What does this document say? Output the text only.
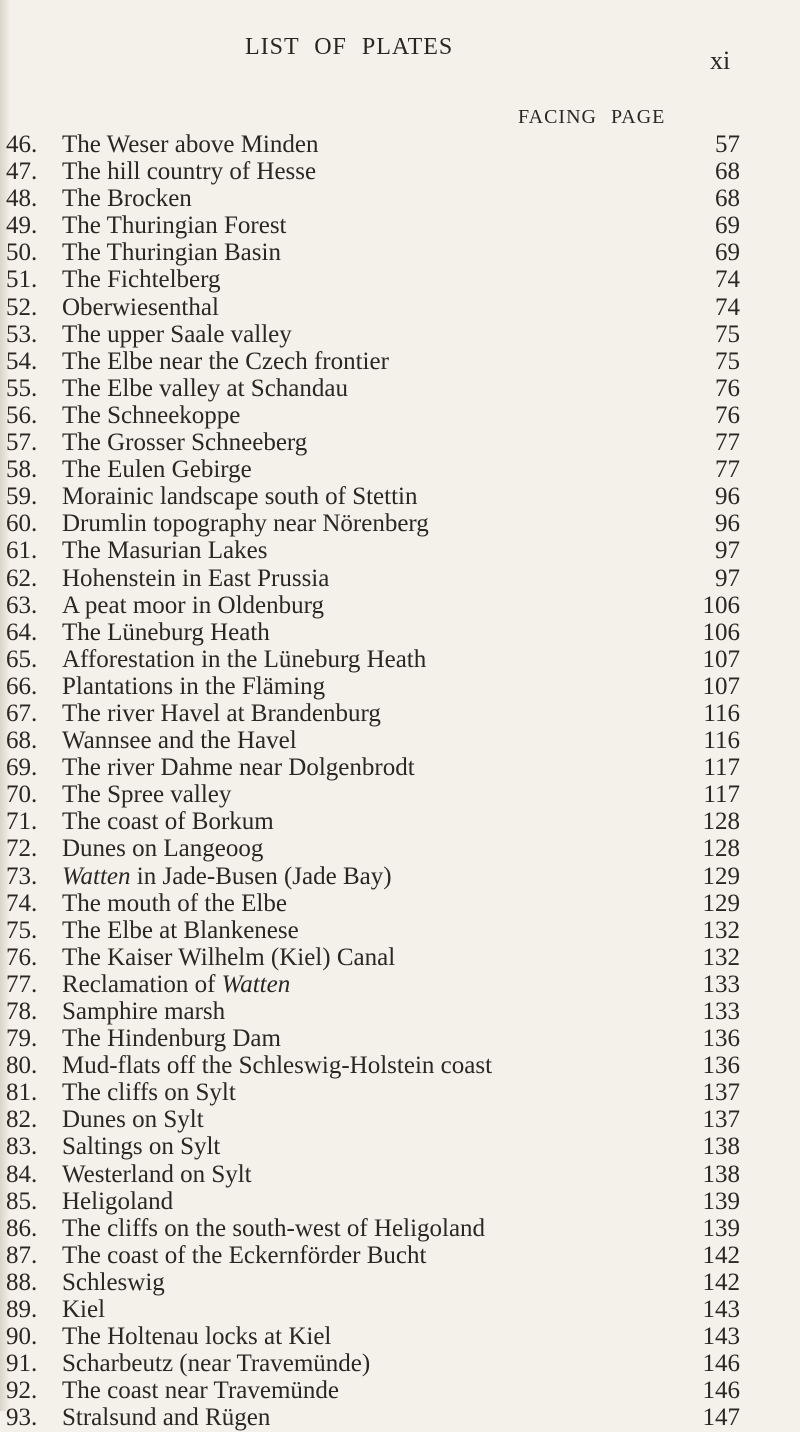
LIST OF PLATES	xi
FACING PAGE
46. The Weser above Minden	57
47. The hill country of Hesse	68
48. The Brocken	68
49. The Thuringian Forest	69
50. The Thuringian Basin	69
51. The Fichtelberg	74
52. Oberwiesenthal	74
53. The upper Saale valley	75
54. The Elbe near the Czech frontier	75
55. The Elbe valley at Schandau	76
56. The Schneekoppe	76
57. The Grosser Schneeberg	77
58. The Eulen Gebirge	77
59. Morainic landscape south of Stettin	96
60. Drumlin topography near Nörenberg	96
61. The Masurian Lakes	97
62. Hohenstein in East Prussia	97
63. A peat moor in Oldenburg	106
64. The Lüneburg Heath	106
65. Afforestation in the Lüneburg Heath	107
66. Plantations in the Fläming	107
67. The river Havel at Brandenburg	116
68. Wannsee and the Havel	116
69. The river Dahme near Dolgenbrodt	117
70. The Spree valley	117
71. The coast of Borkum	128
72. Dunes on Langeoog	128
73. Watten in Jade-Busen (Jade Bay)	129
74. The mouth of the Elbe	129
75. The Elbe at Blankenese	132
76. The Kaiser Wilhelm (Kiel) Canal	132
77. Reclamation of Watten	133
78. Samphire marsh	133
79. The Hindenburg Dam	136
80. Mud-flats off the Schleswig-Holstein coast	136
81. The cliffs on Sylt	137
82. Dunes on Sylt	137
83. Saltings on Sylt	138
84. Westerland on Sylt	138
85. Heligoland	139
86. The cliffs on the south-west of Heligoland	139
87. The coast of the Eckernförder Bucht	142
88. Schleswig	142
89. Kiel	143
90. The Holtenau locks at Kiel	143
91. Scharbeutz (near Travemünde)	146
92. The coast near Travemünde	146
93. Stralsund and Rügen	147
